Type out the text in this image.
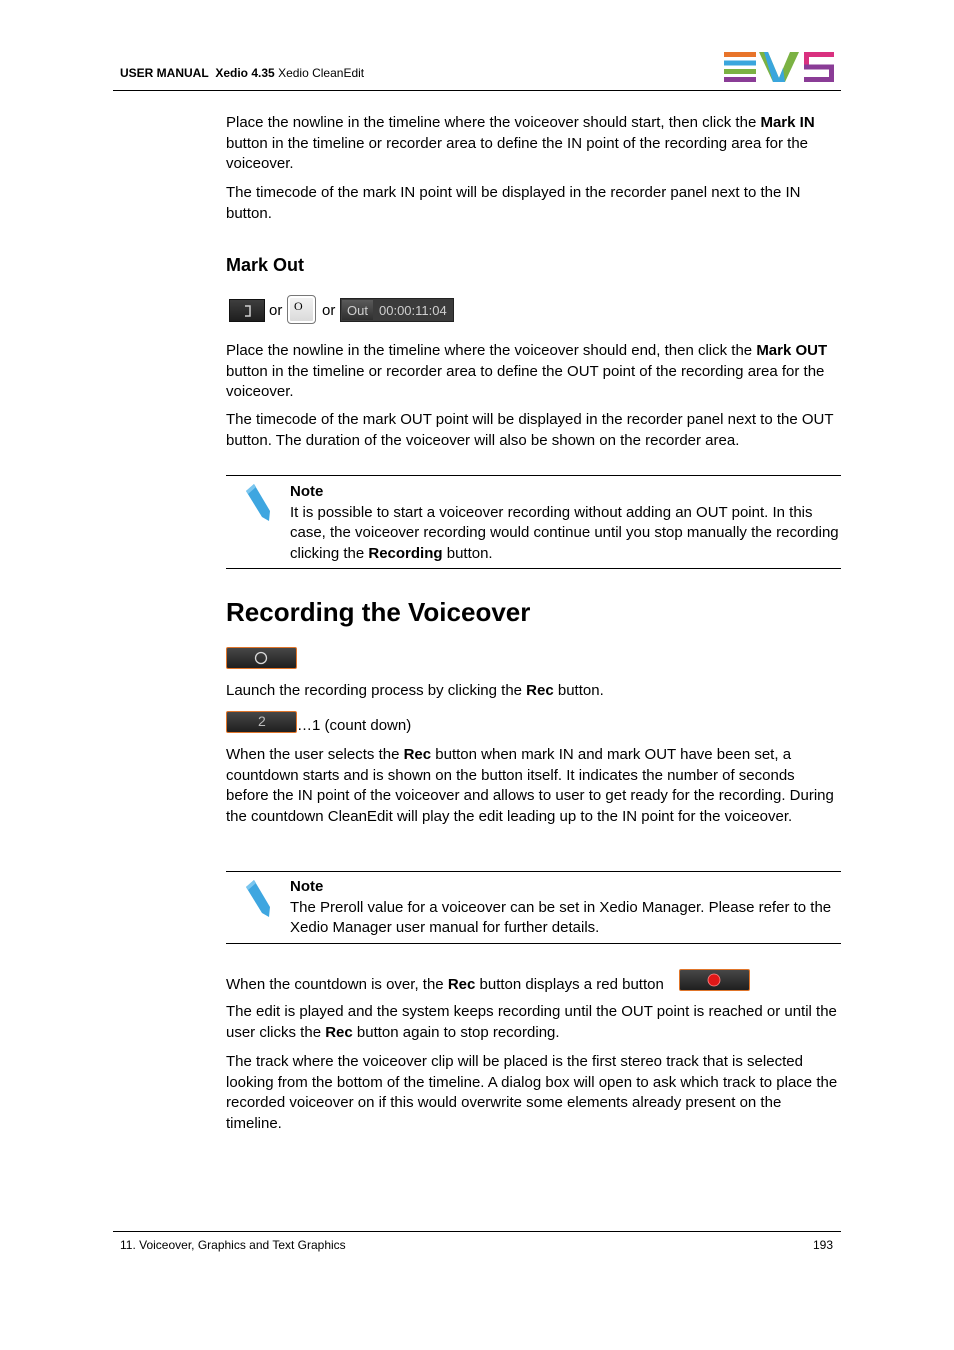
USER MANUAL Xedio 4.35 Xedio CleanEdit
Place the nowline in the timeline where the voiceover should start, then click the Mark IN button in the timeline or recorder area to define the IN point of the recording area for the voiceover.
The timecode of the mark IN point will be displayed in the recorder panel next to the IN button.
Mark Out
or O or Out 00:00:11:04
Place the nowline in the timeline where the voiceover should end, then click the Mark OUT button in the timeline or recorder area to define the OUT point of the recording area for the voiceover.
The timecode of the mark OUT point will be displayed in the recorder panel next to the OUT button. The duration of the voiceover will also be shown on the recorder area.
Note
It is possible to start a voiceover recording without adding an OUT point. In this case, the voiceover recording would continue until you stop manually the recording clicking the Recording button.
Recording the Voiceover
Launch the recording process by clicking the Rec button.
2 …1 (count down)
When the user selects the Rec button when mark IN and mark OUT have been set, a countdown starts and is shown on the button itself. It indicates the number of seconds before the IN point of the voiceover and allows to user to get ready for the recording. During the countdown CleanEdit will play the edit leading up to the IN point for the voiceover.
Note
The Preroll value for a voiceover can be set in Xedio Manager. Please refer to the Xedio Manager user manual for further details.
When the countdown is over, the Rec button displays a red button
The edit is played and the system keeps recording until the OUT point is reached or until the user clicks the Rec button again to stop recording.
The track where the voiceover clip will be placed is the first stereo track that is selected looking from the bottom of the timeline. A dialog box will open to ask which track to place the recorded voiceover on if this would overwrite some elements already present on the timeline.
11. Voiceover, Graphics and Text Graphics	193
